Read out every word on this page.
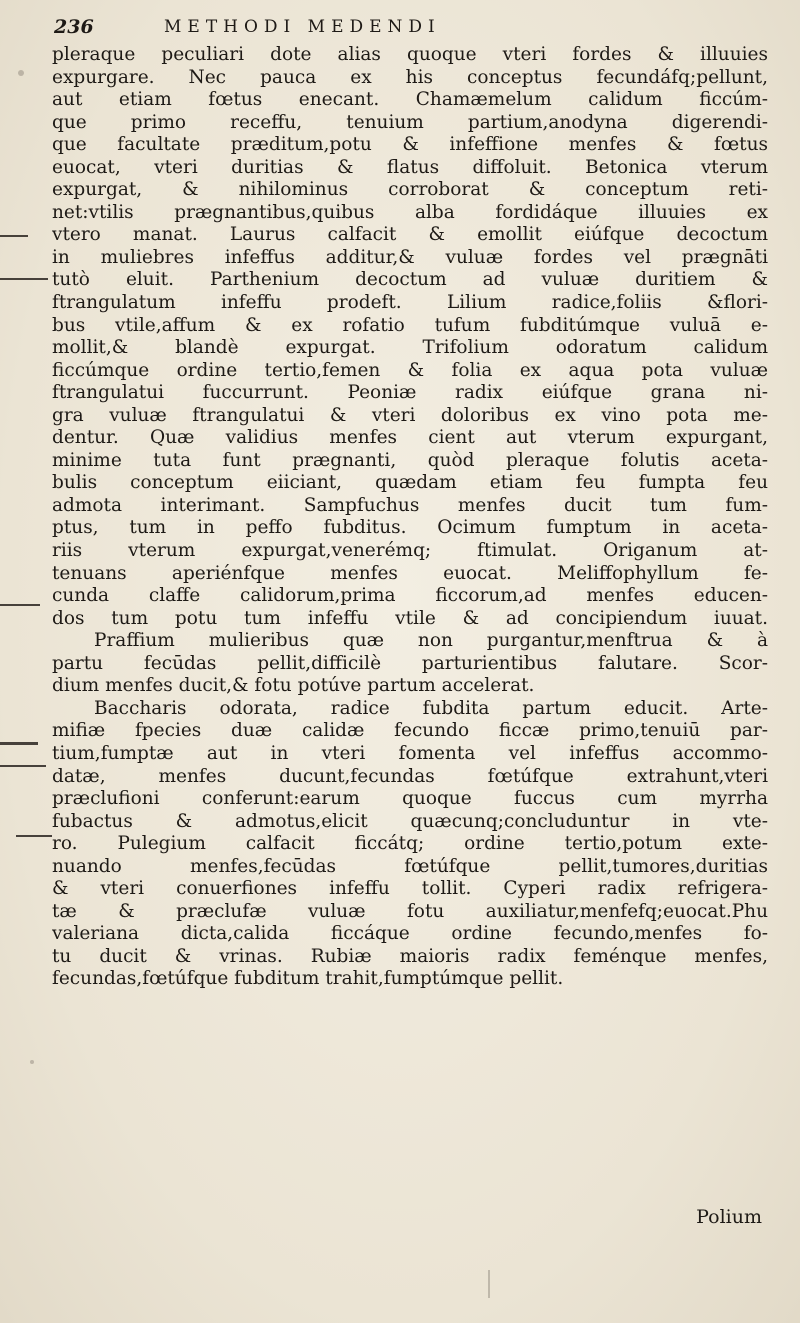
236	METHODI MEDENDI
pleraque peculiari dote alias quoque vteri fordes & illuuies
expurgare. Nec pauca ex his conceptus fecundáfq;pellunt,
aut etiam fœtus enecant. Chamæmelum calidum ficcúm-
que primo receffu, tenuium partium,anodyna digerendi-
que facultate præditum,potu & infeffione menfes & fœtus
euocat, vteri duritias & flatus diffoluit. Betonica vterum
expurgat, & nihilominus corroborat & conceptum reti-
net:vtilis prægnantibus,quibus alba fordidáque illuuies ex
vtero manat. Laurus calfacit & emollit eiúfque decoctum
in muliebres infeffus additur,& vuluæ fordes vel prægnāti
tutò eluit. Parthenium decoctum ad vuluæ duritiem &
ftrangulatum infeffu prodeft. Lilium radice,foliis &flori-
bus vtile,affum & ex rofatio tufum fubditúmque vuluā e-
mollit,& blandè expurgat. Trifolium odoratum calidum
ficcúmque ordine tertio,femen & folia ex aqua pota vuluæ
ftrangulatui fuccurrunt. Peoniæ radix eiúfque grana ni-
gra vuluæ ftrangulatui & vteri doloribus ex vino pota me-
dentur. Quæ validius menfes cient aut vterum expurgant,
minime tuta funt prægnanti, quòd pleraque folutis aceta-
bulis conceptum eiiciant, quædam etiam feu fumpta feu
admota interimant. Sampfuchus menfes ducit tum fum-
ptus, tum in peffo fubditus. Ocimum fumptum in aceta-
riis vterum expurgat,venerémq; ftimulat. Origanum at-
tenuans aperiénfque menfes euocat. Meliffophyllum fe-
cunda claffe calidorum,prima ficcorum,ad menfes educen-
dos tum potu tum infeffu vtile & ad concipiendum iuuat.
Praffium mulieribus quæ non purgantur,menftrua & à
partu fecūdas pellit,difficilè parturientibus falutare. Scor-
dium menfes ducit,& fotu potúve partum accelerat.
Baccharis odorata, radice fubdita partum educit. Arte-
mifiæ fpecies duæ calidæ fecundo ficcæ primo,tenuiū par-
tium,fumptæ aut in vteri fomenta vel infeffus accommo-
datæ, menfes ducunt,fecundas fœtúfque extrahunt,vteri
præclufioni conferunt:earum quoque fuccus cum myrrha
fubactus & admotus,elicit quæcunq;concluduntur in vte-
ro. Pulegium calfacit ficcátq; ordine tertio,potum exte-
nuando menfes,fecūdas fœtúfque pellit,tumores,duritias
& vteri conuerfiones infeffu tollit. Cyperi radix refrigera-
tæ & præclufæ vuluæ fotu auxiliatur,menfefq;euocat.Phu
valeriana dicta,calida ficcáque ordine fecundo,menfes fo-
tu ducit & vrinas. Rubiæ maioris radix feménque menfes,
fecundas,fœtúfque fubditum trahit,fumptúmque pellit.
Polium
